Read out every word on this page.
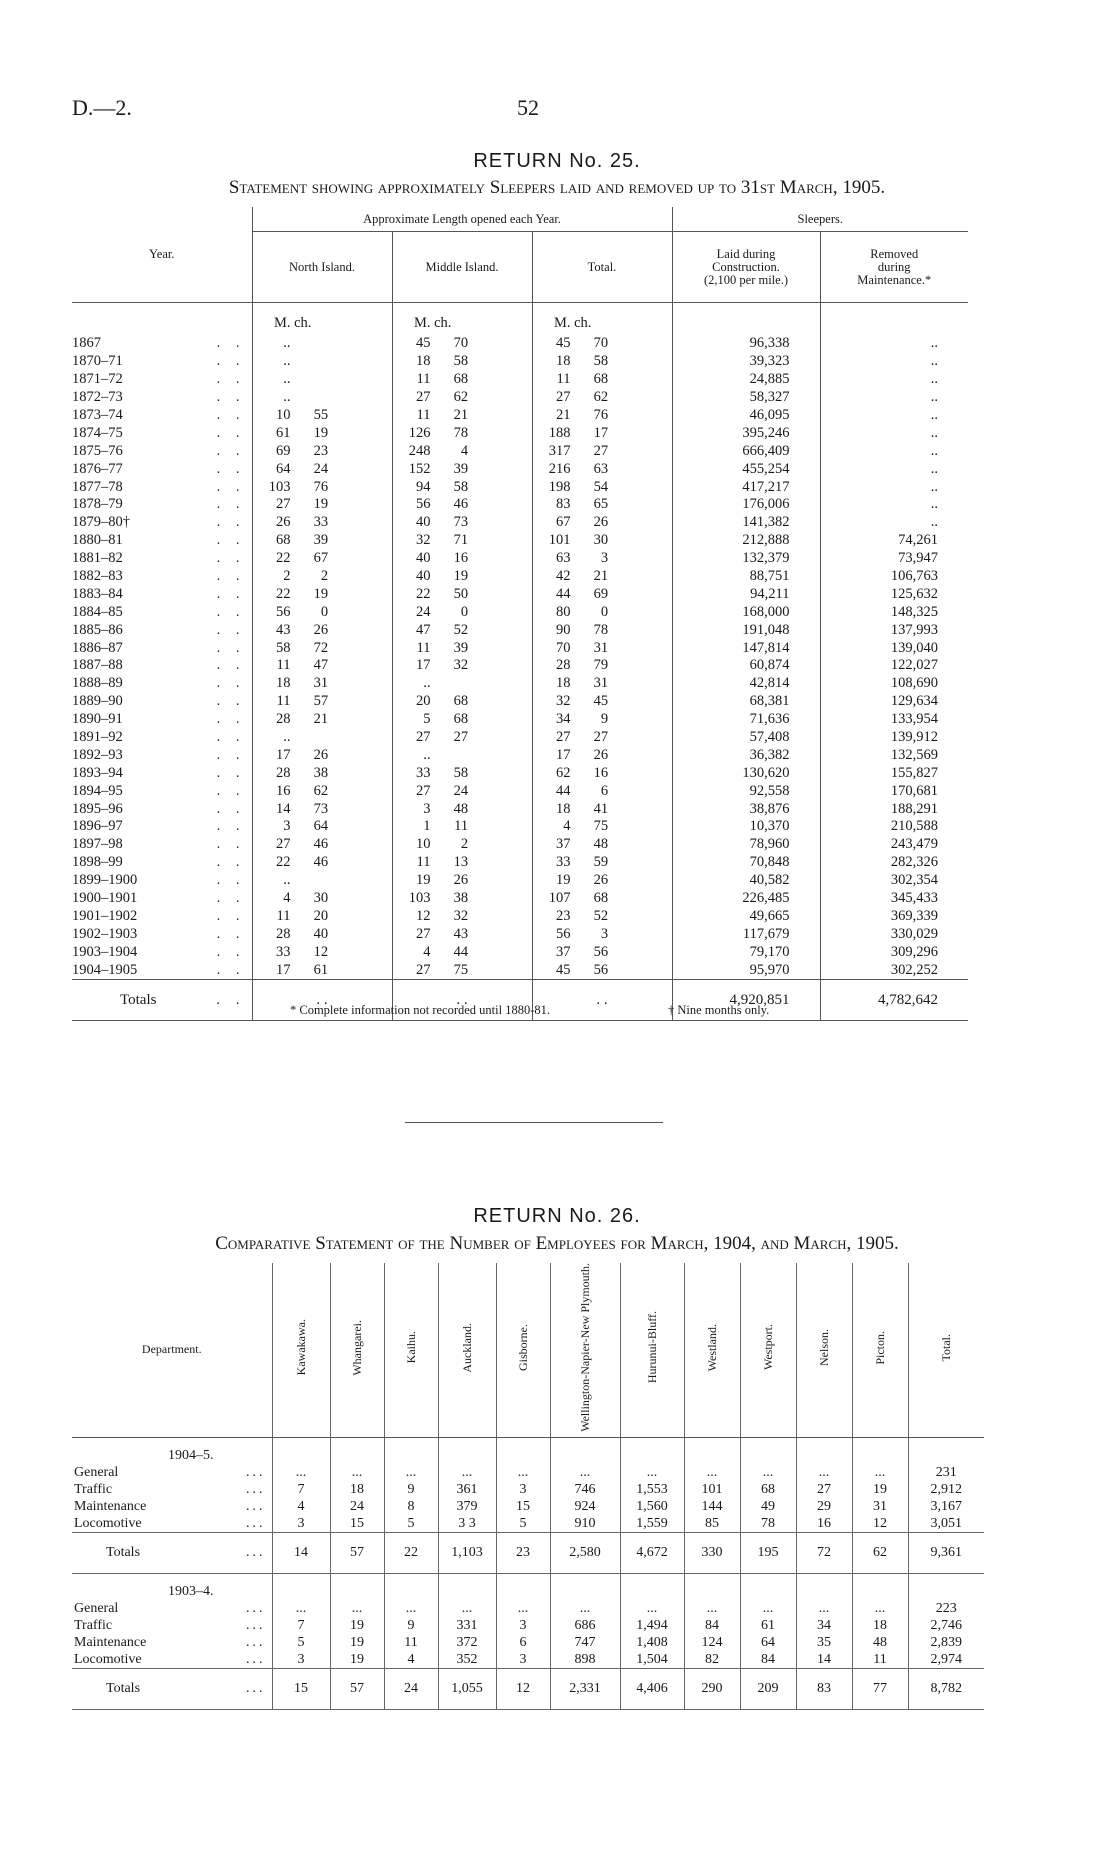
D.—2.	52
RETURN No. 25.
Statement showing approximately Sleepers laid and removed up to 31st March, 1905.
Year.		Approximate Length opened each Year.			Sleepers.	
		North Island.	Middle Island.	Total.	Laid during
Construction.
(2,100 per mile.)	Removed
during
Maintenance.*
		M. ch.	M. ch.	M. ch.		
1867	. .	..	45 70	45 70	96,338	..
1870–71	. .	..	18 58	18 58	39,323	..
1871–72	. .	..	11 68	11 68	24,885	..
1872–73	. .	..	27 62	27 62	58,327	..
1873–74	. .	10 55	11 21	21 76	46,095	..
1874–75	. .	61 19	126 78	188 17	395,246	..
1875–76	. .	69 23	248 4	317 27	666,409	..
1876–77	. .	64 24	152 39	216 63	455,254	..
1877–78	. .	103 76	94 58	198 54	417,217	..
1878–79	. .	27 19	56 46	83 65	176,006	..
1879–80†	. .	26 33	40 73	67 26	141,382	..
1880–81	. .	68 39	32 71	101 30	212,888	74,261
1881–82	. .	22 67	40 16	63 3	132,379	73,947
1882–83	. .	2 2	40 19	42 21	88,751	106,763
1883–84	. .	22 19	22 50	44 69	94,211	125,632
1884–85	. .	56 0	24 0	80 0	168,000	148,325
1885–86	. .	43 26	47 52	90 78	191,048	137,993
1886–87	. .	58 72	11 39	70 31	147,814	139,040
1887–88	. .	11 47	17 32	28 79	60,874	122,027
1888–89	. .	18 31	..	18 31	42,814	108,690
1889–90	. .	11 57	20 68	32 45	68,381	129,634
1890–91	. .	28 21	5 68	34 9	71,636	133,954
1891–92	. .	..	27 27	27 27	57,408	139,912
1892–93	. .	17 26	..	17 26	36,382	132,569
1893–94	. .	28 38	33 58	62 16	130,620	155,827
1894–95	. .	16 62	27 24	44 6	92,558	170,681
1895–96	. .	14 73	3 48	18 41	38,876	188,291
1896–97	. .	3 64	1 11	4 75	10,370	210,588
1897–98	. .	27 46	10 2	37 48	78,960	243,479
1898–99	. .	22 46	11 13	33 59	70,848	282,326
1899–1900	. .	..	19 26	19 26	40,582	302,354
1900–1901	. .	4 30	103 38	107 68	226,485	345,433
1901–1902	. .	11 20	12 32	23 52	49,665	369,339
1902–1903	. .	28 40	27 43	56 3	117,679	330,029
1903–1904	. .	33 12	4 44	37 56	79,170	309,296
1904–1905	. .	17 61	27 75	45 56	95,970	302,252
Totals	. .	. .	. .	. .	4,920,851	4,782,642
* Complete information not recorded until 1880-81.	† Nine months only.
RETURN No. 26.
Comparative Statement of the Number of Employees for March, 1904, and March, 1905.
Department.		Kawakawa.	Whangarei.	Kaihu.	Auckland.	Gisborne.	Wellington-Napier-New Plymouth.	Hurunui-Bluff.	Westland.	Westport.	Nelson.	Picton.	Total.
1904–5.													
General	...	...	...	...	...	...	...	...	...	...	...	...	231
Traffic	...	7	18	9	361	3	746	1,553	101	68	27	19	2,912
Maintenance	...	4	24	8	379	15	924	1,560	144	49	29	31	3,167
Locomotive	...	3	15	5	3 3	5	910	1,559	85	78	16	12	3,051
Totals	...	14	57	22	1,103	23	2,580	4,672	330	195	72	62	9,361
1903–4.													
General	...	...	...	...	...	...	...	...	...	...	...	...	223
Traffic	...	7	19	9	331	3	686	1,494	84	61	34	18	2,746
Maintenance	...	5	19	11	372	6	747	1,408	124	64	35	48	2,839
Locomotive	...	3	19	4	352	3	898	1,504	82	84	14	11	2,974
Totals	...	15	57	24	1,055	12	2,331	4,406	290	209	83	77	8,782
